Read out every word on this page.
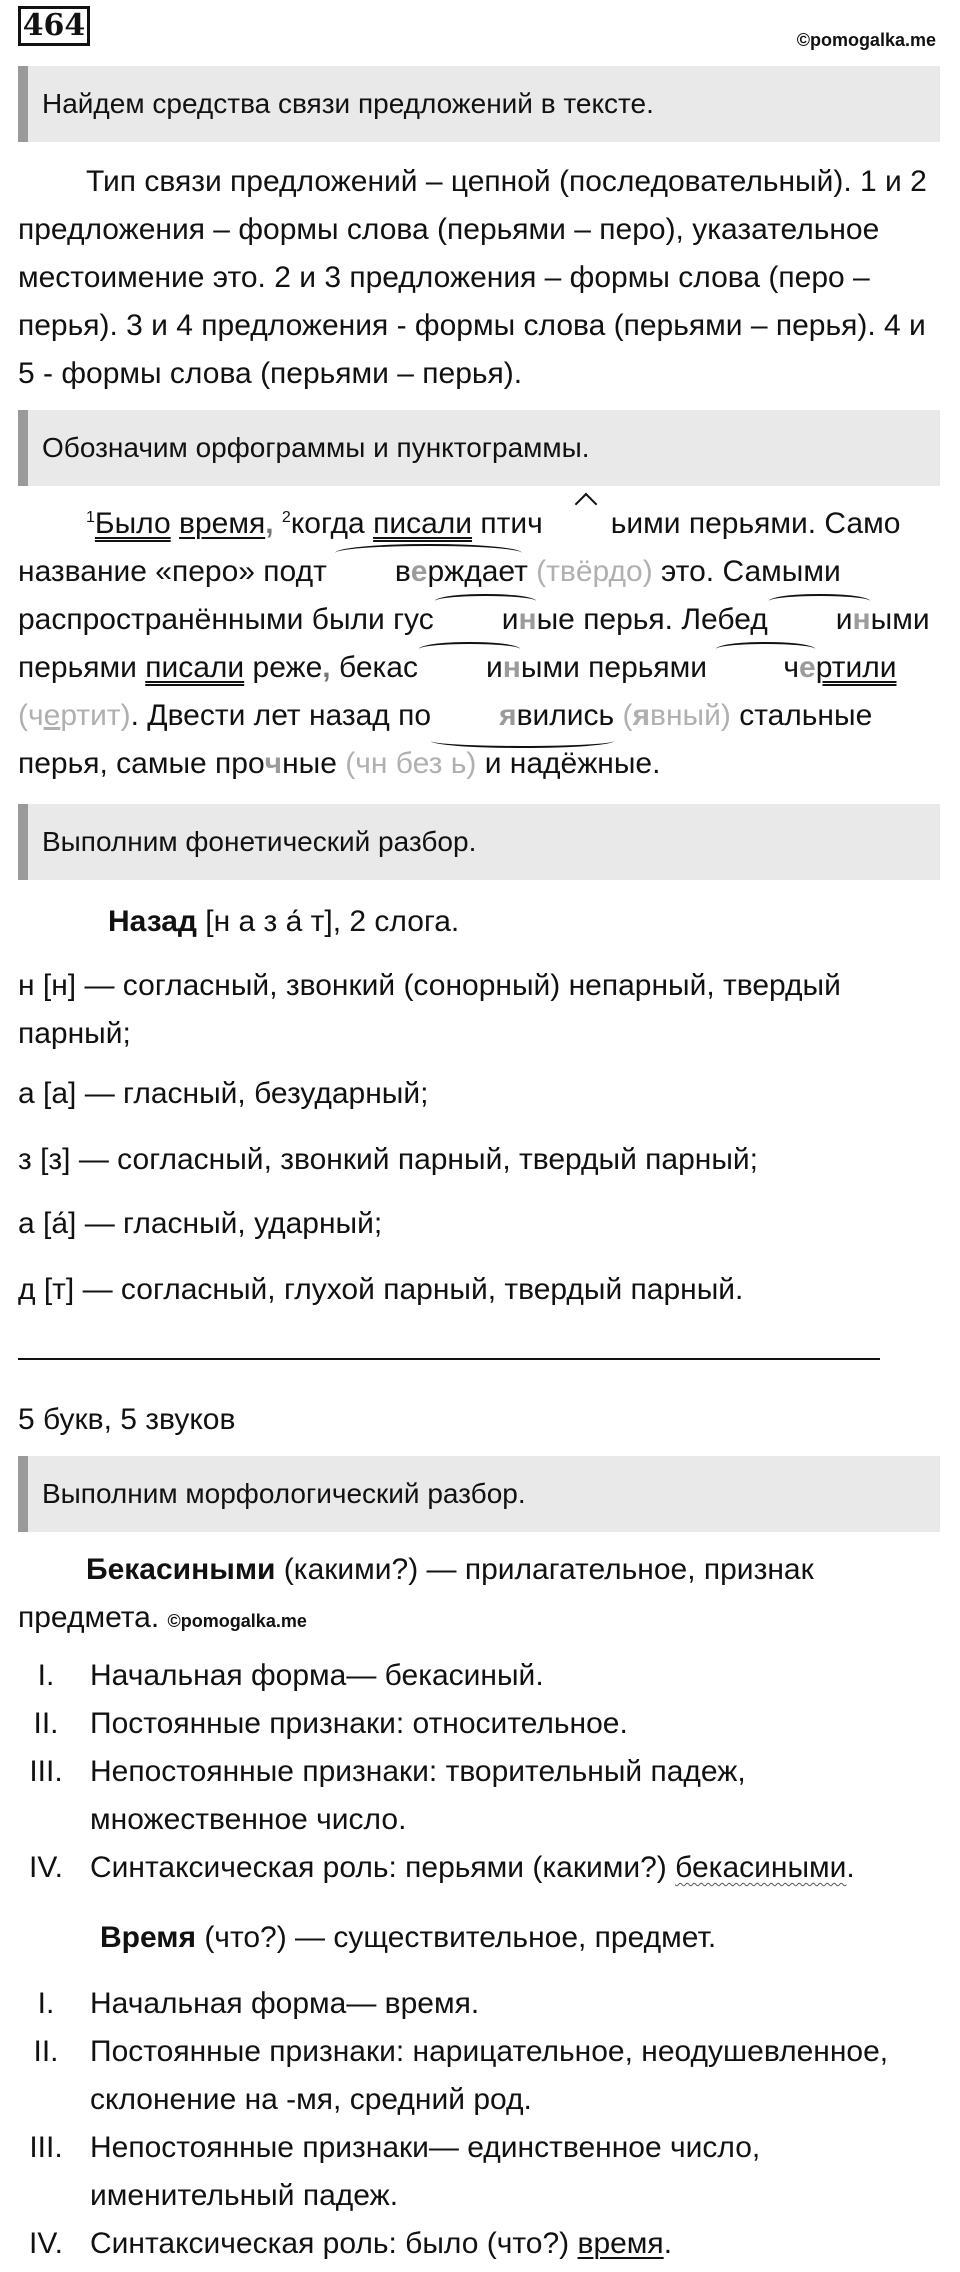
464	©pomogalka.me
Найдем средства связи предложений в тексте.

Тип связи предложений – цепной (последовательный). 1 и 2 предложения – формы слова (перьями – перо), указательное местоимение это. 2 и 3 предложения – формы слова (перо – перья). 3 и 4 предложения - формы слова (перьями – перья). 4 и 5 - формы слова (перьями – перья).

Обозначим орфограммы и пунктограммы.

$^1$Было время, $^2$когда писали птич ьими перьями. Само название «перо» подт верждает (твёрдо) это. Самыми распространёнными были гус иные перья. Лебед иными перьями писали реже, бекас иными перьями чертили (чертит). Двести лет назад по явились (явный) стальные перья, самые прочные (чн без ь) и надёжные.

Выполним фонетический разбор.
Назад [н а з а́ т], 2 слога.
н [н] — согласный, звонкий (сонорный) непарный, твердый парный;
а [а] — гласный, безударный;
з [з] — согласный, звонкий парный, твердый парный;
а [а́] — гласный, ударный;
д [т] — согласный, глухой парный, твердый парный.
5 букв, 5 звуков
Выполним морфологический разбор.
Бекасиными (какими?) — прилагательное, признак предмета. ©pomogalka.me
I.	Начальная форма— бекасиный.
II.	Постоянные признаки: относительное.
III. Непостоянные признаки: творительный падеж, множественное число.
IV. Синтаксическая роль: перьями (какими?) бекасиными.
Время (что?) — существительное, предмет.
I.	Начальная форма— время.
II.	Постоянные признаки: нарицательное, неодушевленное, склонение на -мя, средний род.
III. Непостоянные признаки— единственное число, именительный падеж.
IV. Синтаксическая роль: было (что?) время.
